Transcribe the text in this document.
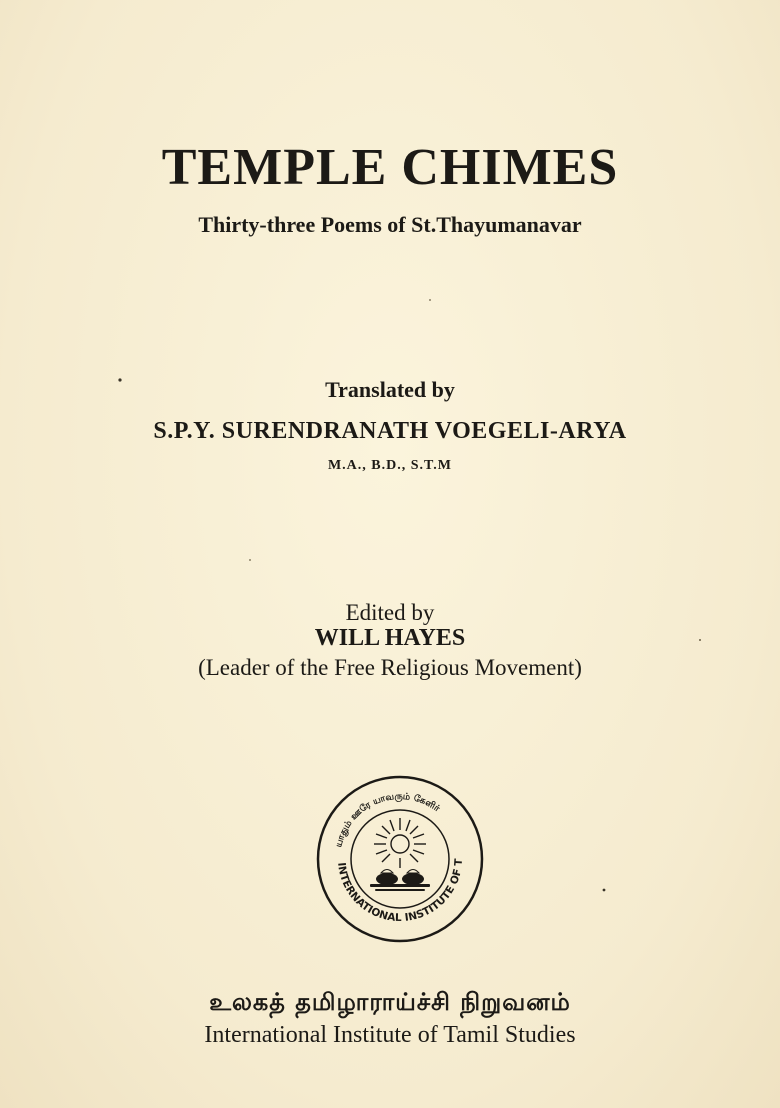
TEMPLE CHIMES
Thirty-three Poems of St.Thayumanavar
Translated by
S.P.Y. SURENDRANATH VOEGELI-ARYA
M.A., B.D., S.T.M
Edited by
WILL HAYES
(Leader of the Free Religious Movement)
INTERNATIONAL INSTITUTE OF T
யாதும் ஊரே யாவரும் கேளிர்
உலகத் தமிழாராய்ச்சி நிறுவனம்
International Institute of Tamil Studies
